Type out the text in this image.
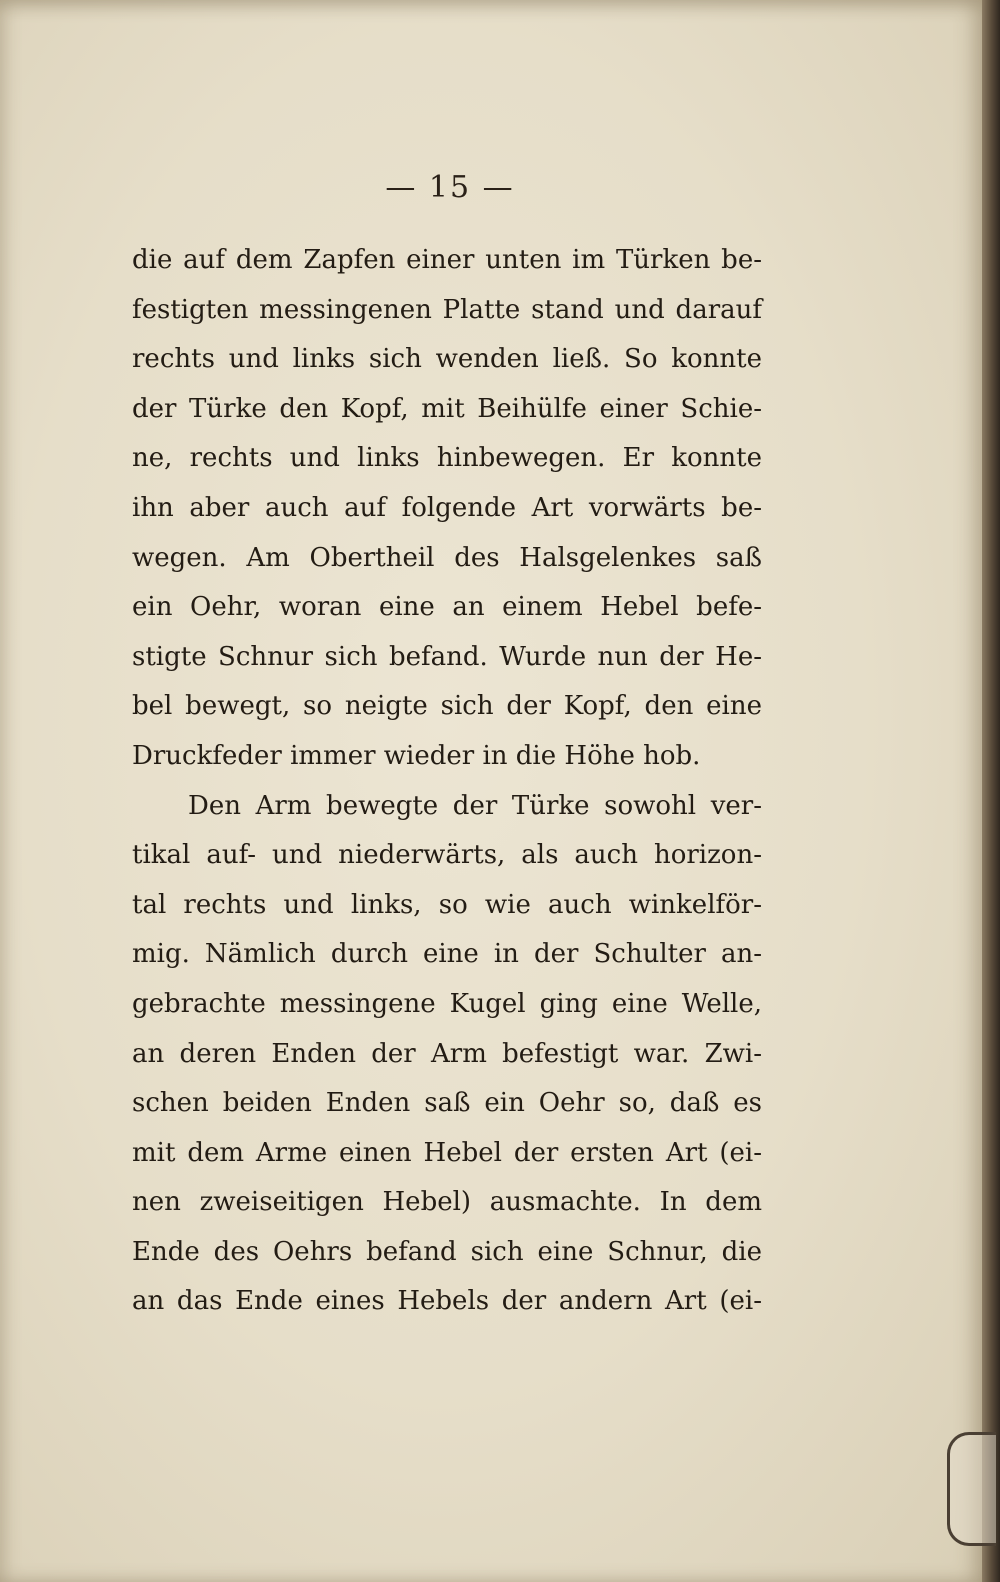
— 15 —
die auf dem Zapfen einer unten im Türken be-
festigten messingenen Platte stand und darauf
rechts und links sich wenden ließ. So konnte
der Türke den Kopf, mit Beihülfe einer Schie-
ne, rechts und links hinbewegen. Er konnte
ihn aber auch auf folgende Art vorwärts be-
wegen. Am Obertheil des Halsgelenkes saß
ein Oehr, woran eine an einem Hebel befe-
stigte Schnur sich befand. Wurde nun der He-
bel bewegt, so neigte sich der Kopf, den eine
Druckfeder immer wieder in die Höhe hob.
Den Arm bewegte der Türke sowohl ver-
tikal auf- und niederwärts, als auch horizon-
tal rechts und links, so wie auch winkelför-
mig. Nämlich durch eine in der Schulter an-
gebrachte messingene Kugel ging eine Welle,
an deren Enden der Arm befestigt war. Zwi-
schen beiden Enden saß ein Oehr so, daß es
mit dem Arme einen Hebel der ersten Art (ei-
nen zweiseitigen Hebel) ausmachte. In dem
Ende des Oehrs befand sich eine Schnur, die
an das Ende eines Hebels der andern Art (ei-
